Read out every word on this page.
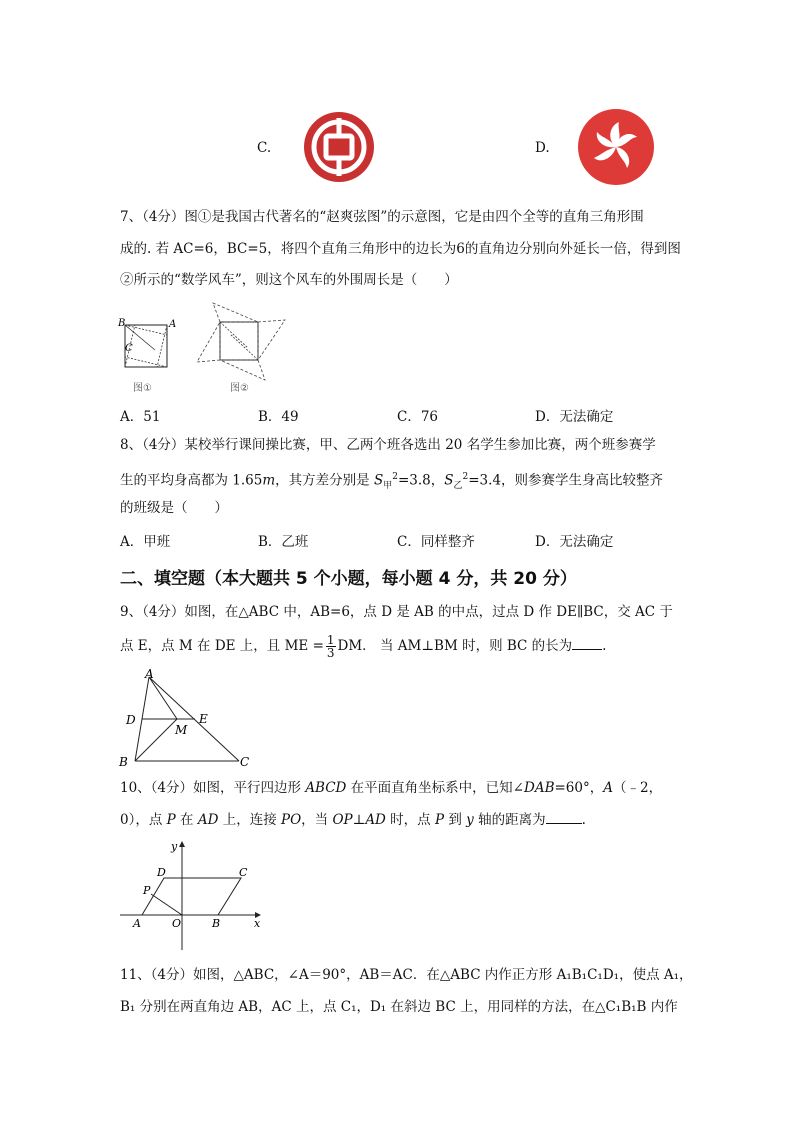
C.	D.
7、（4分）图①是我国古代著名的“赵爽弦图”的示意图，它是由四个全等的直角三角形围
成的. 若 AC=6，BC=5，将四个直角三角形中的边长为6的直角边分别向外延长一倍，得到图
②所示的“数学风车”，则这个风车的外围周长是（　　）
B	A
C
图①	图②
A．51	B．49	C．76	D．无法确定
8、（4分）某校举行课间操比赛，甲、乙两个班各选出 20 名学生参加比赛，两个班参赛学
生的平均身高都为 1.65m，其方差分别是 $S_甲^2=3.8$，$S_乙^2=3.4$，则参赛学生身高比较整齐
的班级是（　　）
A．甲班	B．乙班	C．同样整齐	D．无法确定
二、填空题（本大题共 5 个小题，每小题 4 分，共 20 分）
9、（4分）如图，在△ABC 中，AB=6，点 D 是 AB 的中点，过点 D 作 DE∥BC，交 AC 于
点 E，点 M 在 DE 上，且 ME = $\frac{1}{3}$ DM． 当 AM⊥BM 时，则 BC 的长为 .
A
D	E
M
B	C
10、（4分）如图，平行四边形 ABCD 在平面直角坐标系中，已知∠DAB=60°，A（﹣2，
0），点 P 在 AD 上，连接 PO，当 OP⊥AD 时，点 P 到 y 轴的距离为	.
y
x
D	C
P
A	O	B
11、（4分）如图，△ABC，∠A＝90°，AB＝AC．在△ABC 内作正方形 A₁B₁C₁D₁，使点 A₁，
B₁ 分别在两直角边 AB，AC 上，点 C₁，D₁ 在斜边 BC 上，用同样的方法，在△C₁B₁B 内作
